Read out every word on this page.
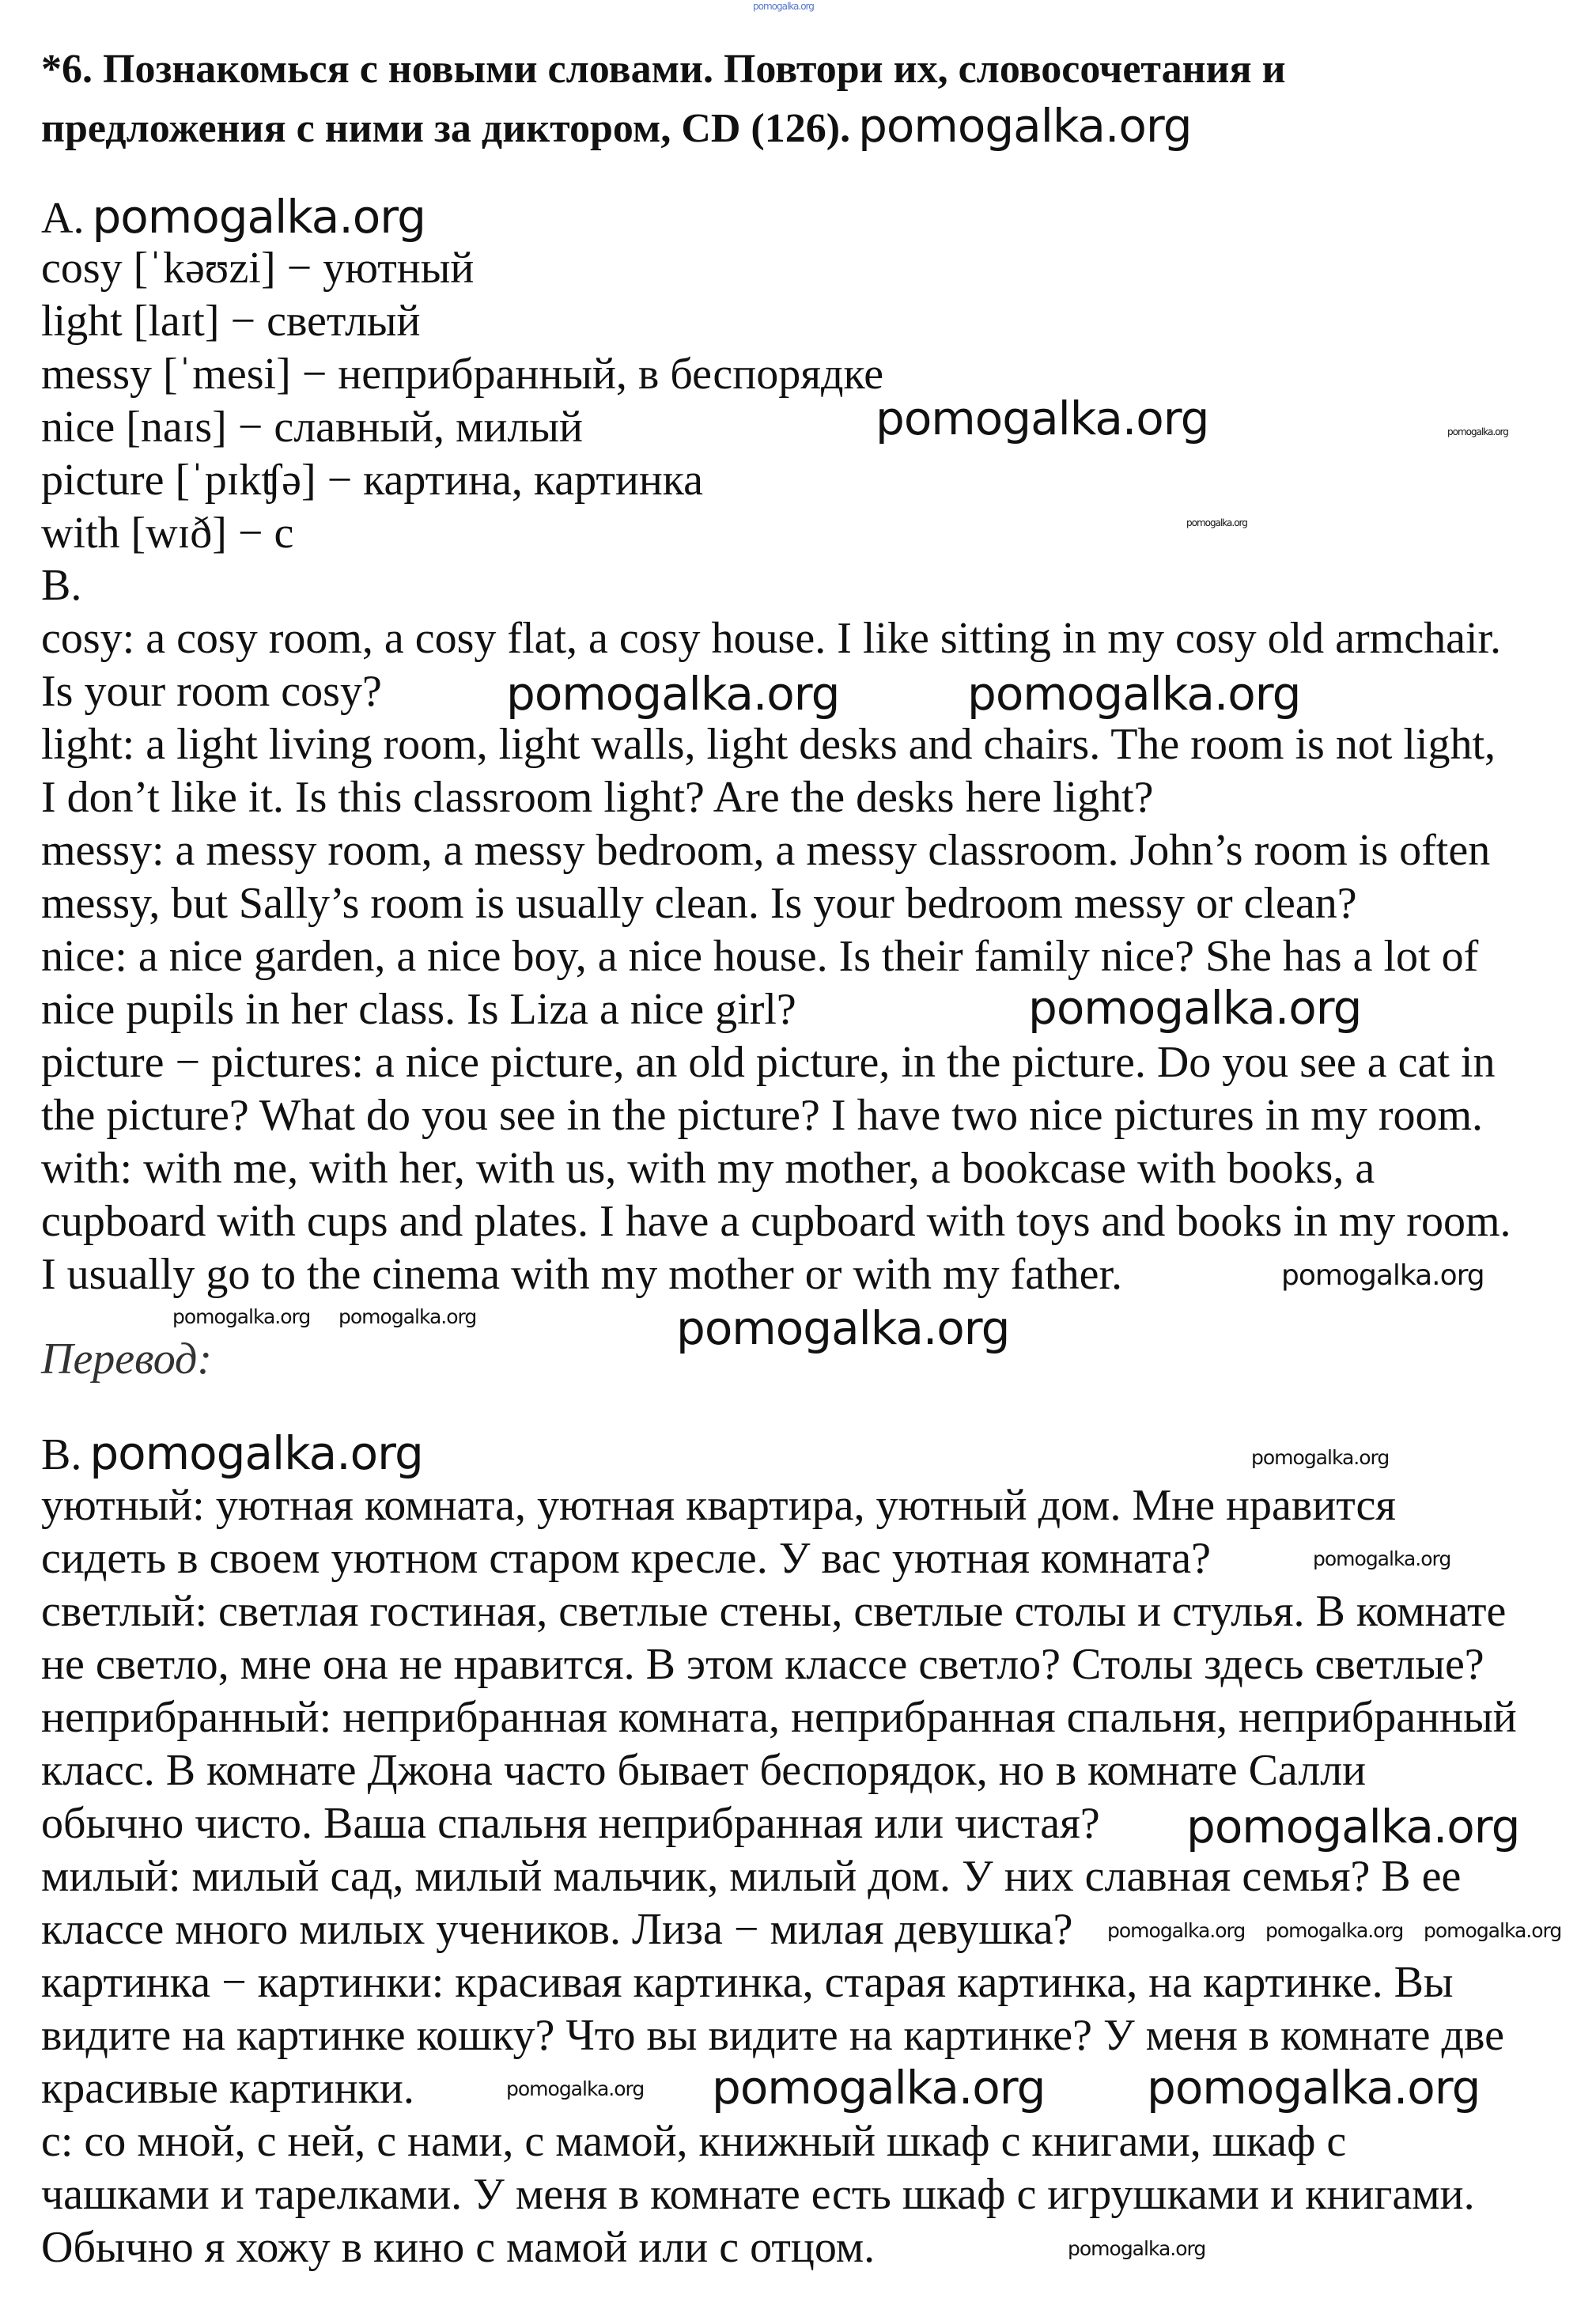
*6. Познакомься с новыми словами. Повтори их, словосочетания и
предложения с ними за диктором, CD (126). pomogalka.org
A. pomogalka.org
cosy [ˈkəʊzi] − уютный
light [laɪt] − светлый
messy [ˈmesi] − неприбранный, в беспорядке
nice [naɪs] − славный, милый
picture [ˈpɪkʧə] − картина, картинка
with [wɪð] − с
B.
cosy: a cosy room, a cosy flat, a cosy house. I like sitting in my cosy old armchair.
Is your room cosy?
light: a light living room, light walls, light desks and chairs. The room is not light,
I don’t like it. Is this classroom light? Are the desks here light?
messy: a messy room, a messy bedroom, a messy classroom. John’s room is often
messy, but Sally’s room is usually clean. Is your bedroom messy or clean?
nice: a nice garden, a nice boy, a nice house. Is their family nice? She has a lot of
nice pupils in her class. Is Liza a nice girl?
picture − pictures: a nice picture, an old picture, in the picture. Do you see a cat in
the picture? What do you see in the picture? I have two nice pictures in my room.
with: with me, with her, with us, with my mother, a bookcase with books, a
cupboard with cups and plates. I have a cupboard with toys and books in my room.
I usually go to the cinema with my mother or with my father.
Перевод:
B. pomogalka.org
уютный: уютная комната, уютная квартира, уютный дом. Мне нравится
сидеть в своем уютном старом кресле. У вас уютная комната?
светлый: светлая гостиная, светлые стены, светлые столы и стулья. В комнате
не светло, мне она не нравится. В этом классе светло? Столы здесь светлые?
неприбранный: неприбранная комната, неприбранная спальня, неприбранный
класс. В комнате Джона часто бывает беспорядок, но в комнате Салли
обычно чисто. Ваша спальня неприбранная или чистая?
милый: милый сад, милый мальчик, милый дом. У них славная семья? В ее
классе много милых учеников. Лиза − милая девушка?
картинка − картинки: красивая картинка, старая картинка, на картинке. Вы
видите на картинке кошку? Что вы видите на картинке? У меня в комнате две
красивые картинки.
с: со мной, с ней, с нами, с мамой, книжный шкаф с книгами, шкаф с
чашками и тарелками. У меня в комнате есть шкаф с игрушками и книгами.
Обычно я хожу в кино с мамой или с отцом.
pomogalka.org
pomogalka.org	pomogalka.org
pomogalka.org
pomogalka.org	pomogalka.org
pomogalka.org
pomogalka.org pomogalka.org
pomogalka.org
pomogalka.org
pomogalka.org
pomogalka.org
pomogalka.org pomogalka.org
pomogalka.org
pomogalka.org
pomogalka.org pomogalka.org pomogalka.org
pomogalka.org
